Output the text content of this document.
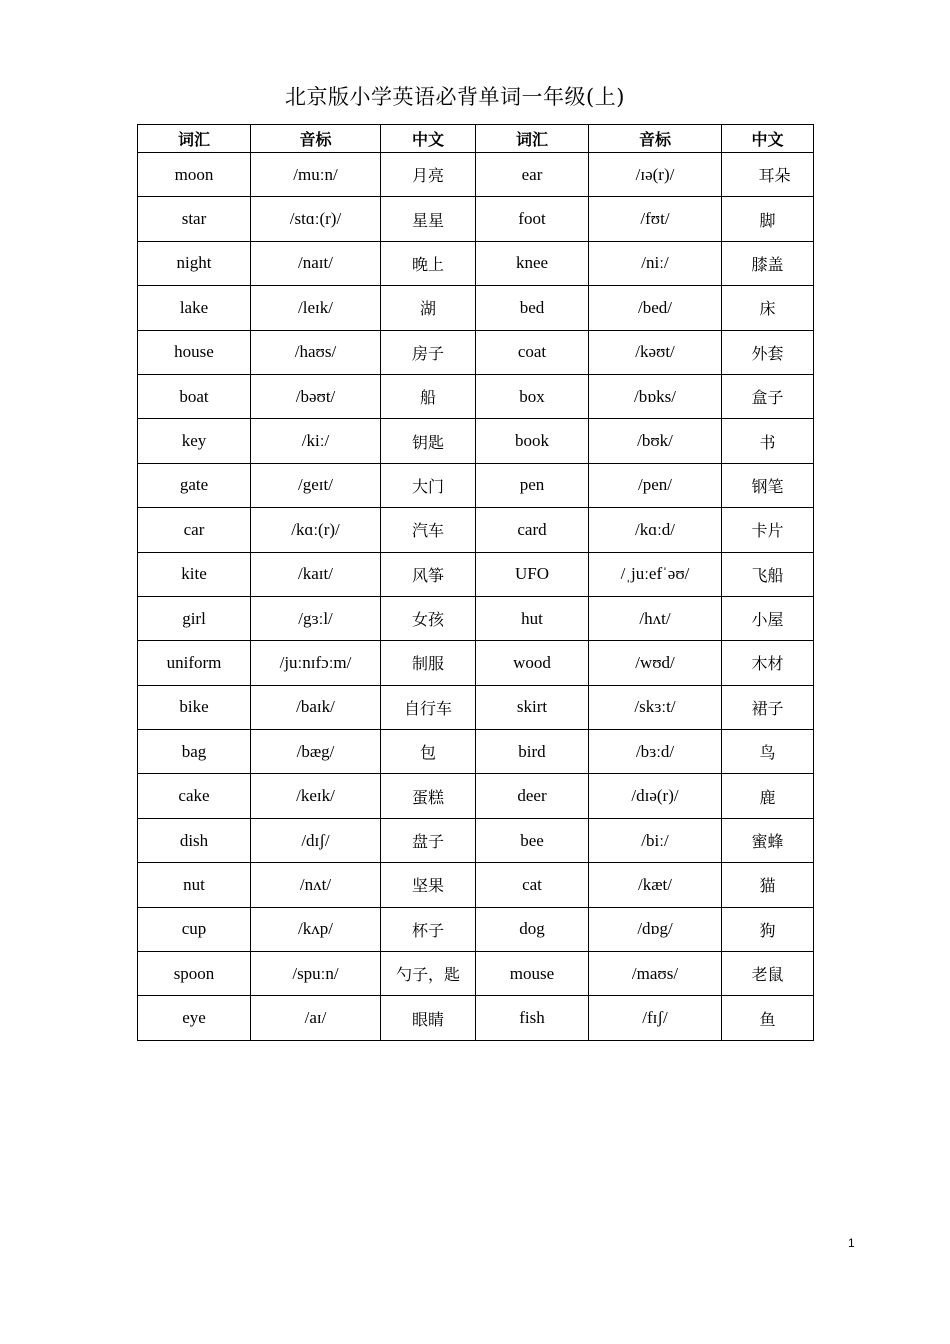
北京版小学英语必背单词一年级(上)
词汇	音标	中文	词汇	音标	中文
moon	/muːn/	月亮	ear	/ɪə(r)/	耳朵
star	/stɑː(r)/	星星	foot	/fʊt/	脚
night	/naɪt/	晚上	knee	/niː/	膝盖
lake	/leɪk/	湖	bed	/bed/	床
house	/haʊs/	房子	coat	/kəʊt/	外套
boat	/bəʊt/	船	box	/bɒks/	盒子
key	/kiː/	钥匙	book	/bʊk/	书
gate	/geɪt/	大门	pen	/pen/	钢笔
car	/kɑː(r)/	汽车	card	/kɑːd/	卡片
kite	/kaɪt/	风筝	UFO	/ˌjuːefˈəʊ/	飞船
girl	/gɜːl/	女孩	hut	/hʌt/	小屋
uniform	/juːnɪfɔːm/	制服	wood	/wʊd/	木材
bike	/baɪk/	自行车	skirt	/skɜːt/	裙子
bag	/bæg/	包	bird	/bɜːd/	鸟
cake	/keɪk/	蛋糕	deer	/dɪə(r)/	鹿
dish	/dɪʃ/	盘子	bee	/biː/	蜜蜂
nut	/nʌt/	坚果	cat	/kæt/	猫
cup	/kʌp/	杯子	dog	/dɒg/	狗
spoon	/spuːn/	勺子，匙	mouse	/maʊs/	老鼠
eye	/aɪ/	眼睛	fish	/fɪʃ/	鱼
1
